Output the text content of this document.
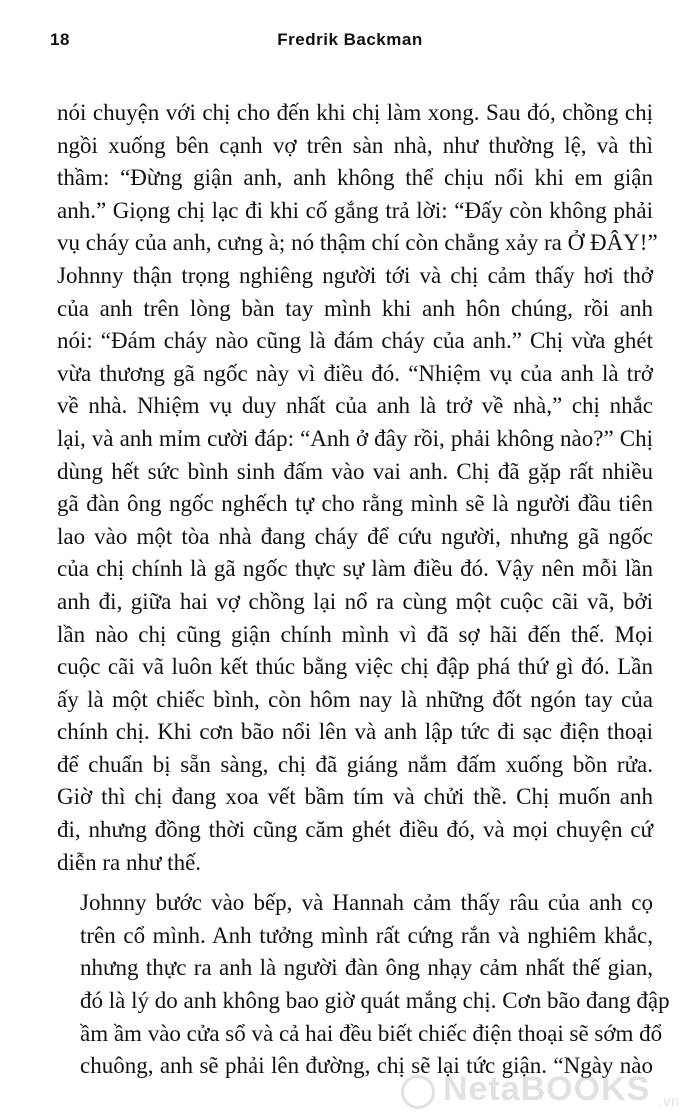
18	Fredrik Backman

nói chuyện với chị cho đến khi chị làm xong. Sau đó, chồng chị
ngồi xuống bên cạnh vợ trên sàn nhà, như thường lệ, và thì
thầm: “Đừng giận anh, anh không thể chịu nổi khi em giận
anh.” Giọng chị lạc đi khi cố gắng trả lời: “Đấy còn không phải
vụ cháy của anh, cưng à; nó thậm chí còn chẳng xảy ra Ở ĐÂY!”
Johnny thận trọng nghiêng người tới và chị cảm thấy hơi thở
của anh trên lòng bàn tay mình khi anh hôn chúng, rồi anh
nói: “Đám cháy nào cũng là đám cháy của anh.” Chị vừa ghét
vừa thương gã ngốc này vì điều đó. “Nhiệm vụ của anh là trở
về nhà. Nhiệm vụ duy nhất của anh là trở về nhà,” chị nhắc
lại, và anh mỉm cười đáp: “Anh ở đây rồi, phải không nào?” Chị
dùng hết sức bình sinh đấm vào vai anh. Chị đã gặp rất nhiều
gã đàn ông ngốc nghếch tự cho rằng mình sẽ là người đầu tiên
lao vào một tòa nhà đang cháy để cứu người, nhưng gã ngốc
của chị chính là gã ngốc thực sự làm điều đó. Vậy nên mỗi lần
anh đi, giữa hai vợ chồng lại nổ ra cùng một cuộc cãi vã, bởi
lần nào chị cũng giận chính mình vì đã sợ hãi đến thế. Mọi
cuộc cãi vã luôn kết thúc bằng việc chị đập phá thứ gì đó. Lần
ấy là một chiếc bình, còn hôm nay là những đốt ngón tay của
chính chị. Khi cơn bão nổi lên và anh lập tức đi sạc điện thoại
để chuẩn bị sẵn sàng, chị đã giáng nắm đấm xuống bồn rửa.
Giờ thì chị đang xoa vết bầm tím và chửi thề. Chị muốn anh
đi, nhưng đồng thời cũng căm ghét điều đó, và mọi chuyện cứ
diễn ra như thế.

Johnny bước vào bếp, và Hannah cảm thấy râu của anh cọ
trên cổ mình. Anh tưởng mình rất cứng rắn và nghiêm khắc,
nhưng thực ra anh là người đàn ông nhạy cảm nhất thế gian,
đó là lý do anh không bao giờ quát mắng chị. Cơn bão đang đập
ầm ầm vào cửa sổ và cả hai đều biết chiếc điện thoại sẽ sớm đổ
chuông, anh sẽ phải lên đường, chị sẽ lại tức giận. “Ngày nào

NetaBOOKS .vn
